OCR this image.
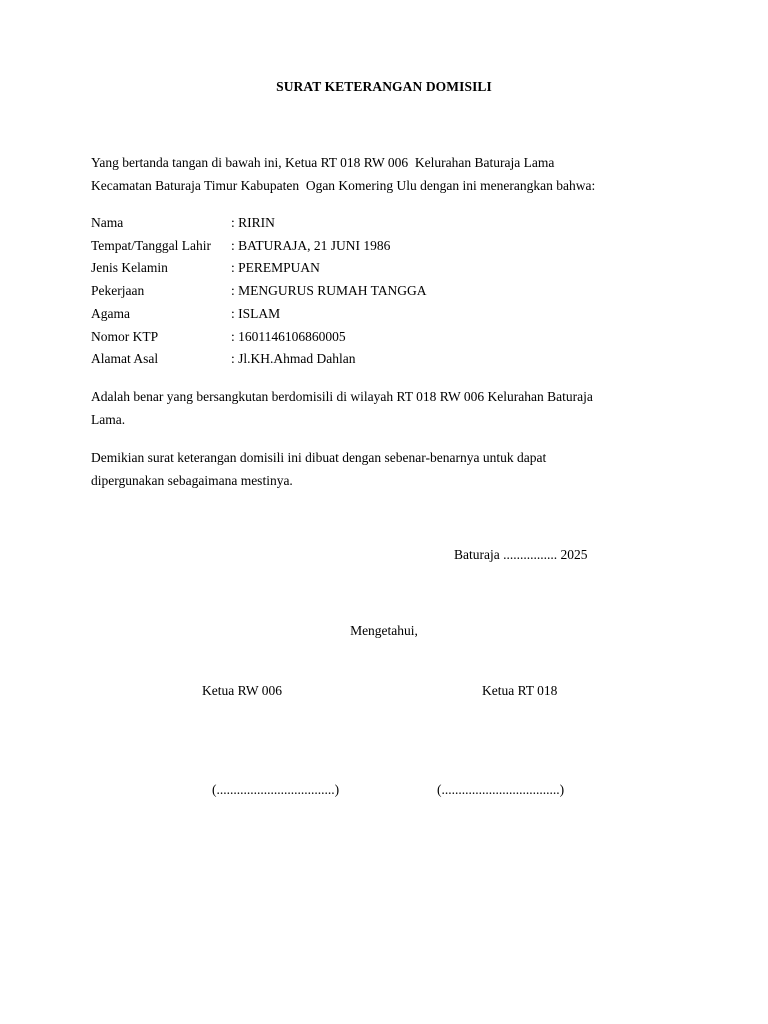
SURAT KETERANGAN DOMISILI

Yang bertanda tangan di bawah ini, Ketua RT 018 RW 006  Kelurahan Baturaja Lama

Kecamatan Baturaja Timur Kabupaten  Ogan Komering Ulu dengan ini menerangkan bahwa:

Nama	: RIRIN
Tempat/Tanggal Lahir	: BATURAJA, 21 JUNI 1986
Jenis Kelamin	: PEREMPUAN
Pekerjaan	: MENGURUS RUMAH TANGGA
Agama	: ISLAM
Nomor KTP	: 1601146106860005
Alamat Asal	: Jl.KH.Ahmad Dahlan

Adalah benar yang bersangkutan berdomisili di wilayah RT 018 RW 006 Kelurahan Baturaja

Lama.

Demikian surat keterangan domisili ini dibuat dengan sebenar-benarnya untuk dapat

dipergunakan sebagaimana mestinya.

Baturaja ................ 2025
Mengetahui,
Ketua RW 006	Ketua RT 018
(...................................)	(...................................)
